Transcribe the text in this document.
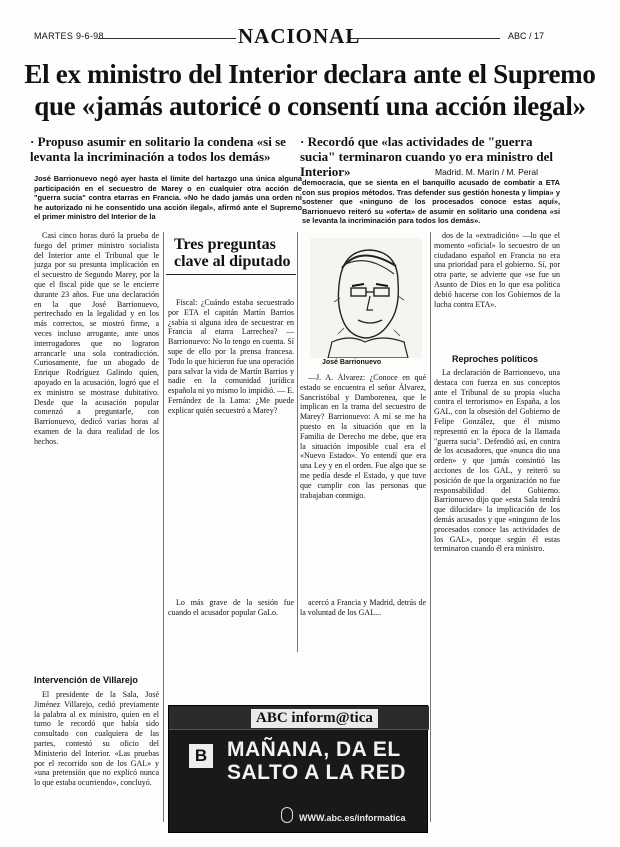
MARTES 9-6-98	NACIONAL	ABC / 17
El ex ministro del Interior declara ante el Supremo que «jamás autoricé o consentí una acción ilegal»
· Propuso asumir en solitario la condena «si se levanta la incriminación a todos los demás»
· Recordó que «las actividades de "guerra sucia" terminaron cuando yo era ministro del Interior»	Madrid. M. Marín / M. Peral
José Barrionuevo negó ayer hasta el límite del hartazgo una única alguna participación en el secuestro de Marey o en cualquier otra acción de "guerra sucia" contra etarras en Francia. «No he dado jamás una orden ni he autorizado ni he consentido una acción ilegal», afirmó ante el Supremo el primer ministro del Interior de la
democracia, que se sienta en el banquillo acusado de combatir a ETA con sus propios métodos. Tras defender sus gestión honesta y limpia» y sostener que «ninguno de los procesados conoce estas aquí», Barrionuevo reiteró su «oferta» de asumir en solitario una condena «si se levanta la incriminación para todos los demás».

Casi cinco horas duró la prueba de fuego del primer ministro socialista del Interior ante el Tribunal que le juzga por su presunta implicación en el secuestro de Segundo Marey, por la que el fiscal pide que se le encierre durante 23 años. Fue una declaración en la que José Barrionuevo, pertrechado en la legalidad y en los más correctos, se mostró firme, a veces incluso arrogante, ante unos interrogadores que no lograron arrancarle una sola contradicción. Curiosamente, fue un abogado de Enrique Rodríguez Galindo quien, apoyado en la acusación, logró que el ex ministro se mostrase dubitativo. Desde que la acusación popular comenzó a preguntarle, con Barrionuevo, dedicó varias horas al examen de la dura realidad de los hechos.

Intervención de Villarejo

El presidente de la Sala, José Jiménez Villarejo, cedió previamente la palabra al ex ministro, quien en el turno le recordó que había sido consultado con cualquiera de las partes, contestó su oficio del Ministerio del Interior. «Las pruebas por el recorrido son de los GAL» y «una pretensión que no explicó nunca lo que estaba ocurriendo», concluyó.

Tres preguntas clave al diputado

Fiscal: ¿Cuándo estaba secuestrado por ETA el capitán Martín Barrios ¿sabía si alguna idea de secuestrar en Francia al etarra Larrechea? — Barrionuevo: No lo tengo en cuenta. Sí supe de ello por la prensa francesa. Todo lo que hicieron fue una operación para salvar la vida de Martín Barrios y nadie en la comunidad jurídica española ni yo mismo lo impidió. — E. Fernández de la Lama: ¿Me puede explicar quién secuestró a Marey?

José Barrionuevo

—J. A. Álvarez: ¿Conoce en qué estado se encuentra el señor Álvarez, Sancristóbal y Damborenea, que le implican en la trama del secuestro de Marey? Barrionuevo: A mí se me ha puesto en la situación que en la Familia de Derecho me debe, que era la situación imposible cual era el «Nuevo Estado». Yo entendí que era una Ley y en el orden. Fue algo que se me pedía desde el Estado, y que tuve que cumplir con las personas que trabajaban conmigo.

Lo más grave de la sesión fue cuando el acusador popular GaLo.

acercó a Francia y Madrid, detrás de la voluntad de los GAL...

dos de la «extradición» —lo que el momento «oficial» lo secuestro de un ciudadano español en Francia no era una prioridad para el gobierno. Sí, por otra parte, se advierte que «se fue un Asunto de Dios en lo que esa política debió hacerse con los Gobiernos de la lucha contra ETA».

Reproches políticos

La declaración de Barrionuevo, una destaca con fuerza en sus conceptos ante el Tribunal de su propia «lucha contra el terrorismo» en España, a los GAL, con la obsesión del Gobierno de Felipe González, que él mismo representó en la época de la llamada "guerra sucia". Defendió así, en contra de los acusadores, que «nunca dio una orden» y que jamás consintió las acciones de los GAL, y reiteró su posición de que la organización no fue responsabilidad del Gobierno. Barrionuevo dijo que «esta Sala tendrá que dilucidar» la implicación de los demás acusados y que «ninguno de los procesados conoce las actividades de los GAL», porque según él estas terminaron cuando él era ministro.

ABC inform@tica
B MAÑANA, DA EL SALTO A LA RED
WWW.abc.es/informatica
